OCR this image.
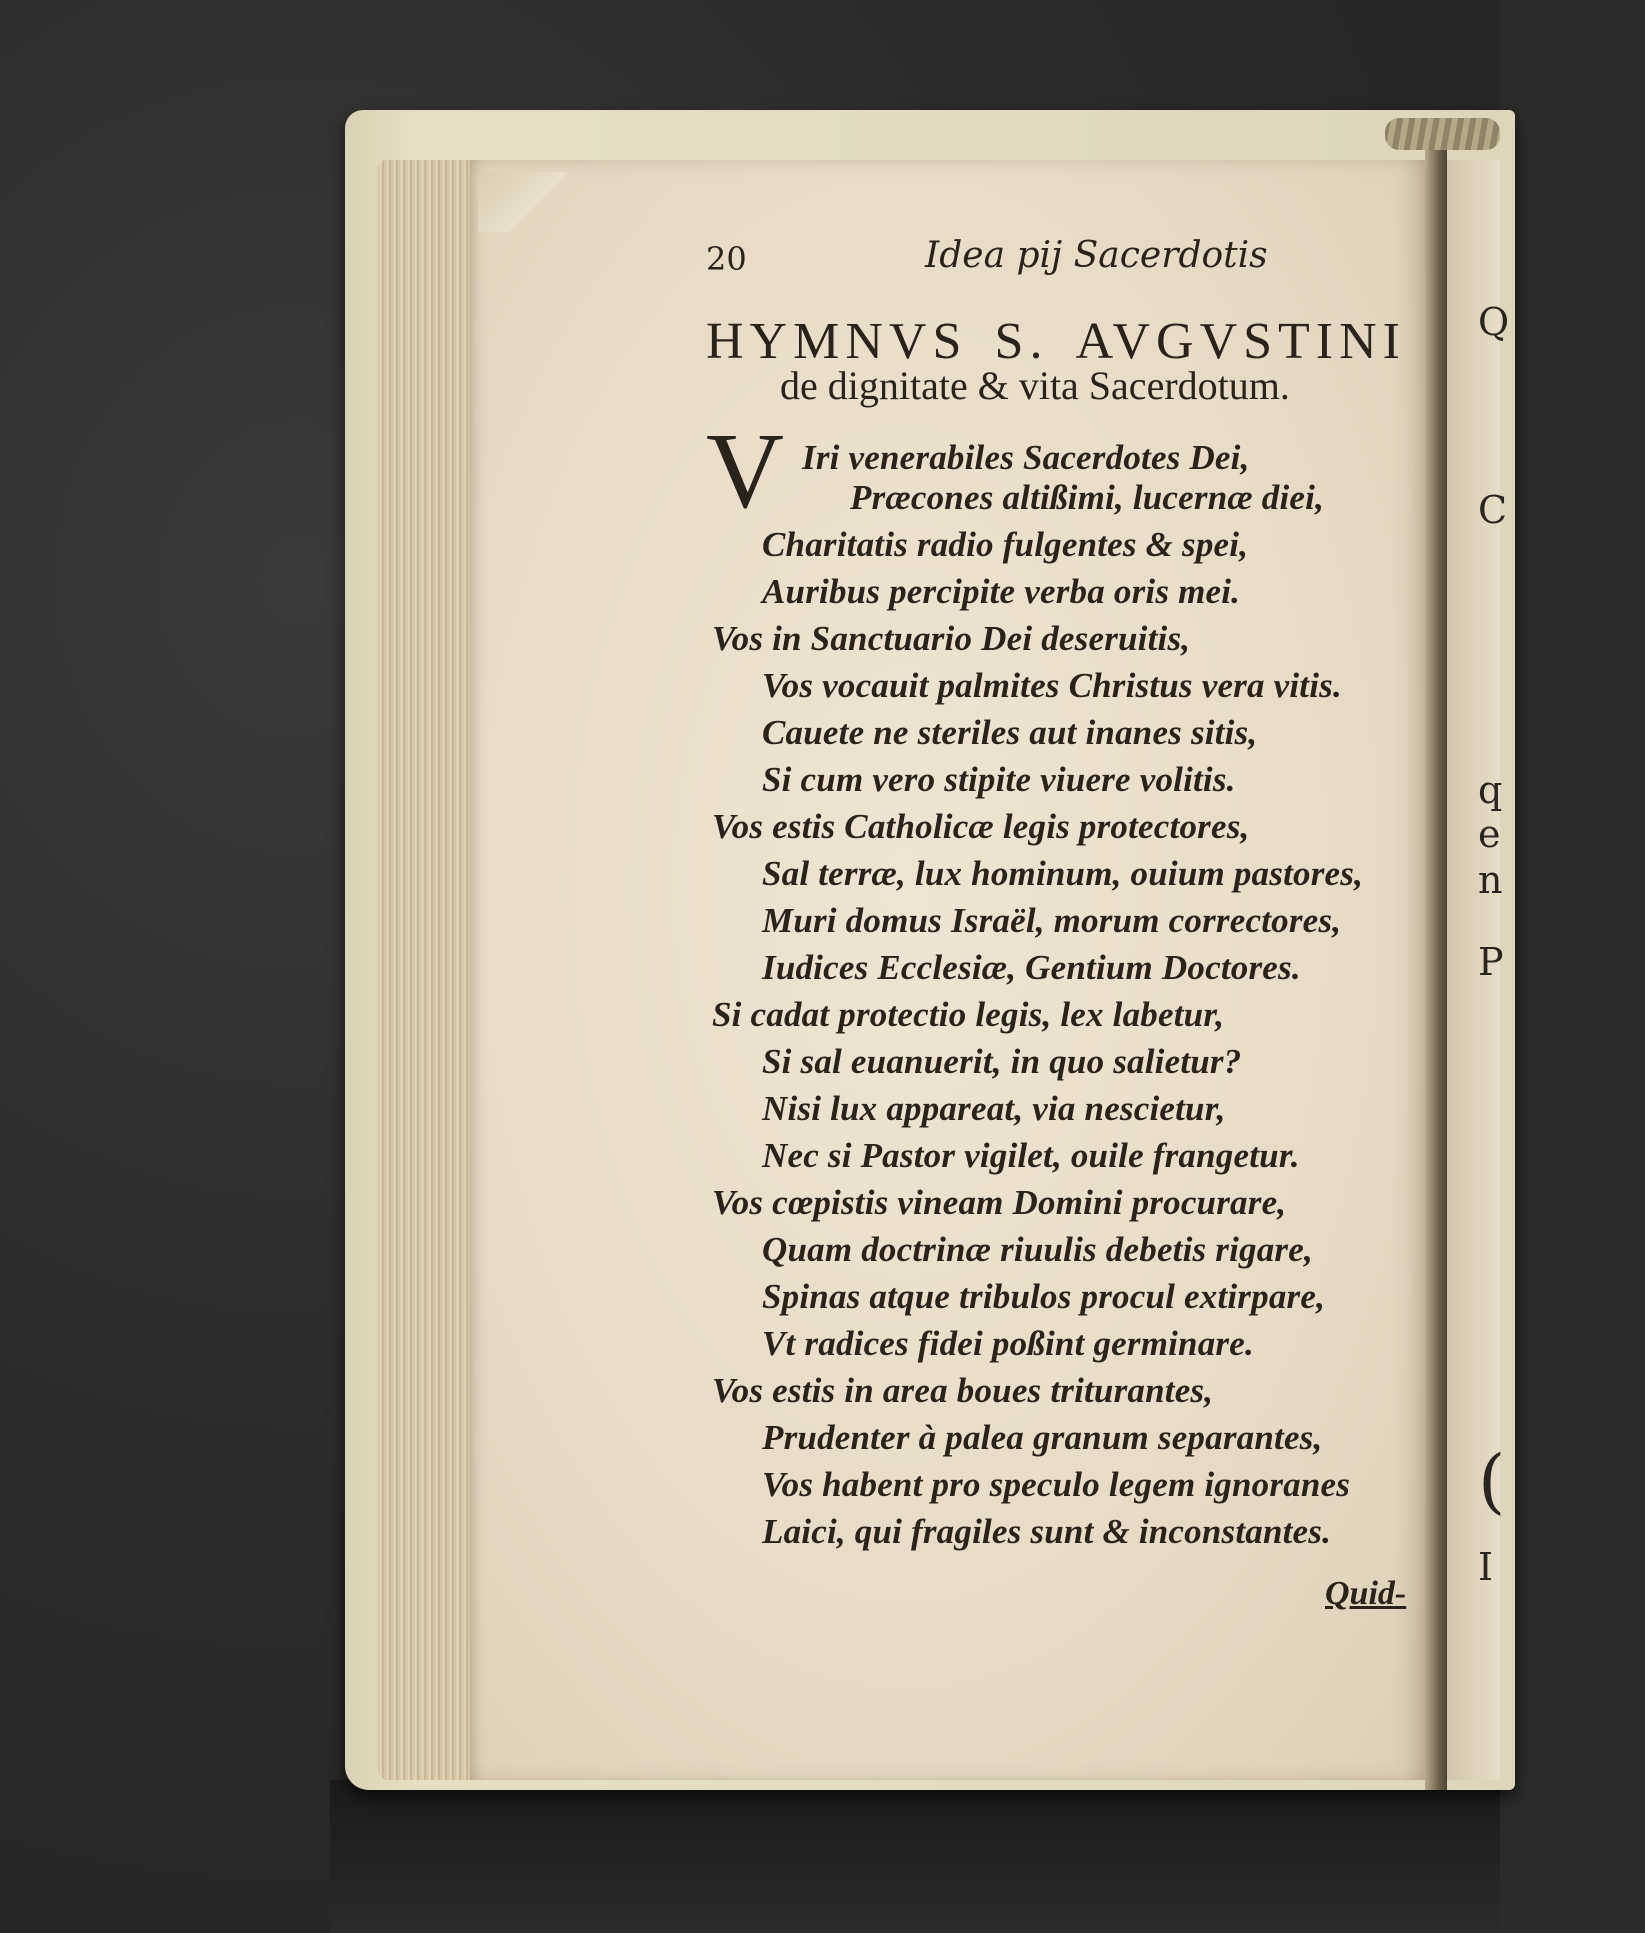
Q
C
q
e
n
P
(
I
20	Idea pij Sacerdotis
HYMNVS S. AVGVSTINI
de dignitate & vita Sacerdotum.
V Iri venerabiles Sacerdotes Dei,
Præcones altißimi, lucernæ diei,
Charitatis radio fulgentes & spei,
Auribus percipite verba oris mei.
Vos in Sanctuario Dei deseruitis,
Vos vocauit palmites Christus vera vitis.
Cauete ne steriles aut inanes sitis,
Si cum vero stipite viuere volitis.
Vos estis Catholicæ legis protectores,
Sal terræ, lux hominum, ouium pastores,
Muri domus Israël, morum correctores,
Iudices Ecclesiæ, Gentium Doctores.
Si cadat protectio legis, lex labetur,
Si sal euanuerit, in quo salietur?
Nisi lux appareat, via nescietur,
Nec si Pastor vigilet, ouile frangetur.
Vos cœpistis vineam Domini procurare,
Quam doctrinæ riuulis debetis rigare,
Spinas atque tribulos procul extirpare,
Vt radices fidei poßint germinare.
Vos estis in area boues triturantes,
Prudenter à palea granum separantes,
Vos habent pro speculo legem ignoranes
Laici, qui fragiles sunt & inconstantes.
Quid-
